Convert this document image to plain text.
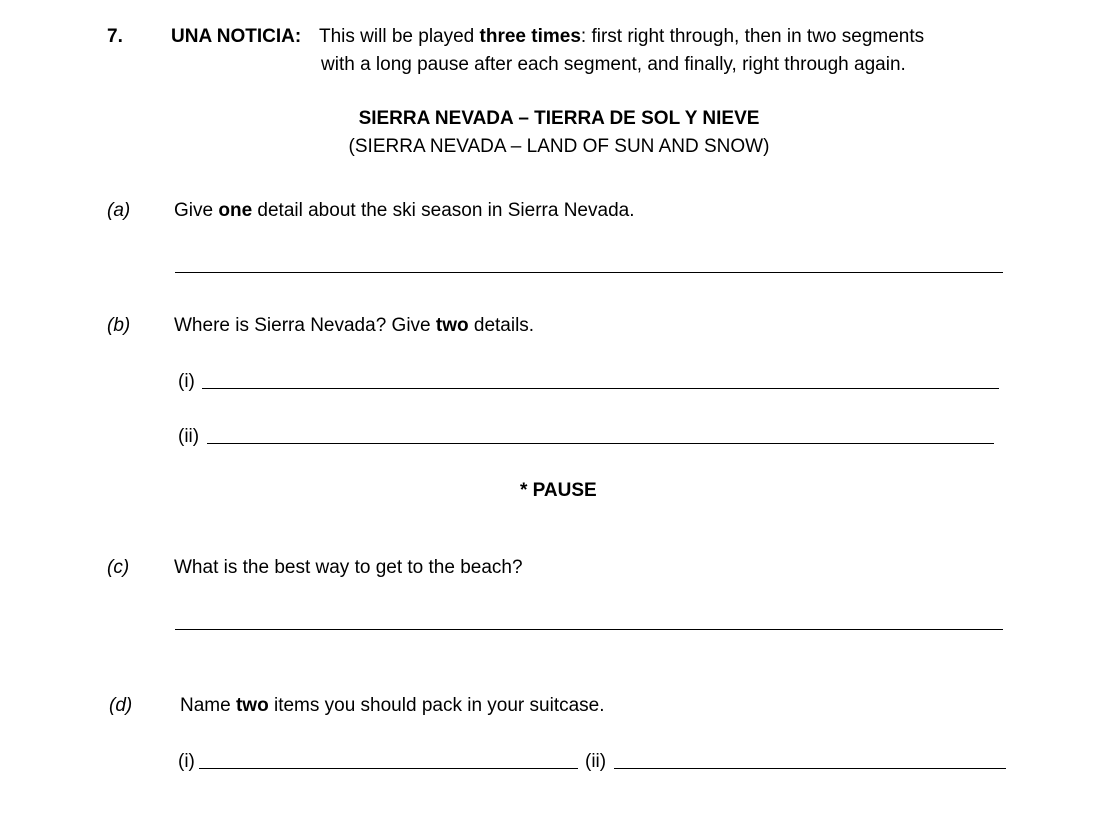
7.	UNA NOTICIA: This will be played three times: first right through, then in two segments
with a long pause after each segment, and finally, right through again.
SIERRA NEVADA – TIERRA DE SOL Y NIEVE
(SIERRA NEVADA – LAND OF SUN AND SNOW)
(a) Give one detail about the ski season in Sierra Nevada.
(b) Where is Sierra Nevada? Give two details.
(i)
(ii)
* PAUSE
(c) What is the best way to get to the beach?
(d)	Name two items you should pack in your suitcase.
(i)	(ii)
